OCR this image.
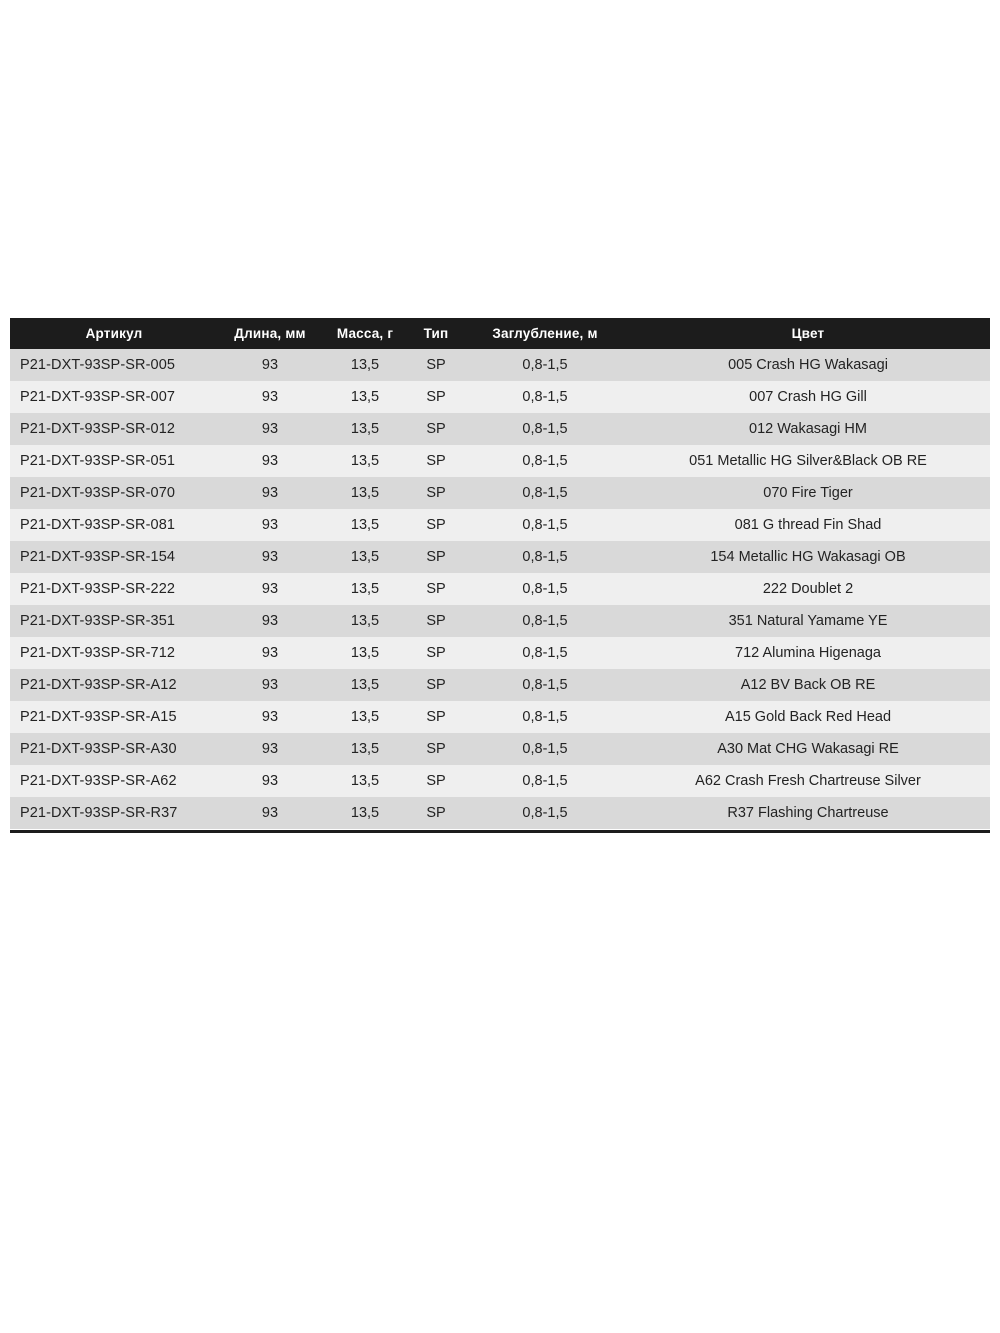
Артикул	Длина, мм	Масса, г	Тип	Заглубление, м	Цвет
P21-DXT-93SP-SR-005	93	13,5	SP	0,8-1,5	005 Crash HG Wakasagi
P21-DXT-93SP-SR-007	93	13,5	SP	0,8-1,5	007 Crash HG Gill
P21-DXT-93SP-SR-012	93	13,5	SP	0,8-1,5	012 Wakasagi HM
P21-DXT-93SP-SR-051	93	13,5	SP	0,8-1,5	051 Metallic HG Silver&Black OB RE
P21-DXT-93SP-SR-070	93	13,5	SP	0,8-1,5	070 Fire Tiger
P21-DXT-93SP-SR-081	93	13,5	SP	0,8-1,5	081 G thread Fin Shad
P21-DXT-93SP-SR-154	93	13,5	SP	0,8-1,5	154 Metallic HG Wakasagi OB
P21-DXT-93SP-SR-222	93	13,5	SP	0,8-1,5	222 Doublet 2
P21-DXT-93SP-SR-351	93	13,5	SP	0,8-1,5	351 Natural Yamame YE
P21-DXT-93SP-SR-712	93	13,5	SP	0,8-1,5	712 Alumina Higenaga
P21-DXT-93SP-SR-A12	93	13,5	SP	0,8-1,5	A12 BV Back OB RE
P21-DXT-93SP-SR-A15	93	13,5	SP	0,8-1,5	A15 Gold Back Red Head
P21-DXT-93SP-SR-A30	93	13,5	SP	0,8-1,5	A30 Mat CHG Wakasagi RE
P21-DXT-93SP-SR-A62	93	13,5	SP	0,8-1,5	A62 Crash Fresh Chartreuse Silver
P21-DXT-93SP-SR-R37	93	13,5	SP	0,8-1,5	R37 Flashing Chartreuse
